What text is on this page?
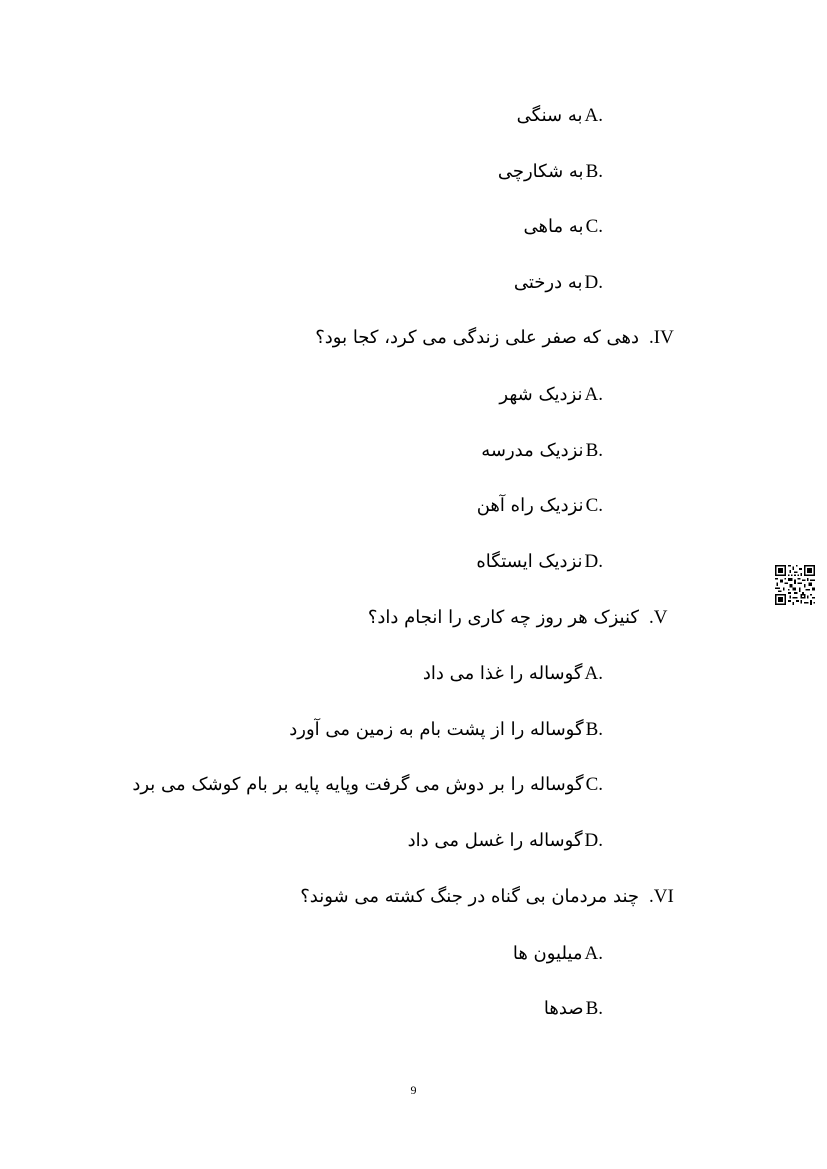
A.
به سنگی
B.
به شکارچی
C.
به ماهی
D.
به درختی
.IV
دهی که صفر علی زندگی می کرد، کجا بود؟
A.
نزدیک شهر
B.
نزدیک مدرسه
C.
نزدیک راه آهن
D.
نزدیک ایستگاه
.V
کنیزک هر روز چه کاری را انجام داد؟
A.
گوساله را غذا می داد
B.
گوساله را از پشت بام به زمین می آورد
C.
گوساله را بر دوش می گرفت وپایه پایه بر بام کوشک می برد
D.
گوساله را غسل می داد
.VI
چند مردمان بی گناه در جنگ کشته می شوند؟
A.
میلیون ها
B.
صدها
9
